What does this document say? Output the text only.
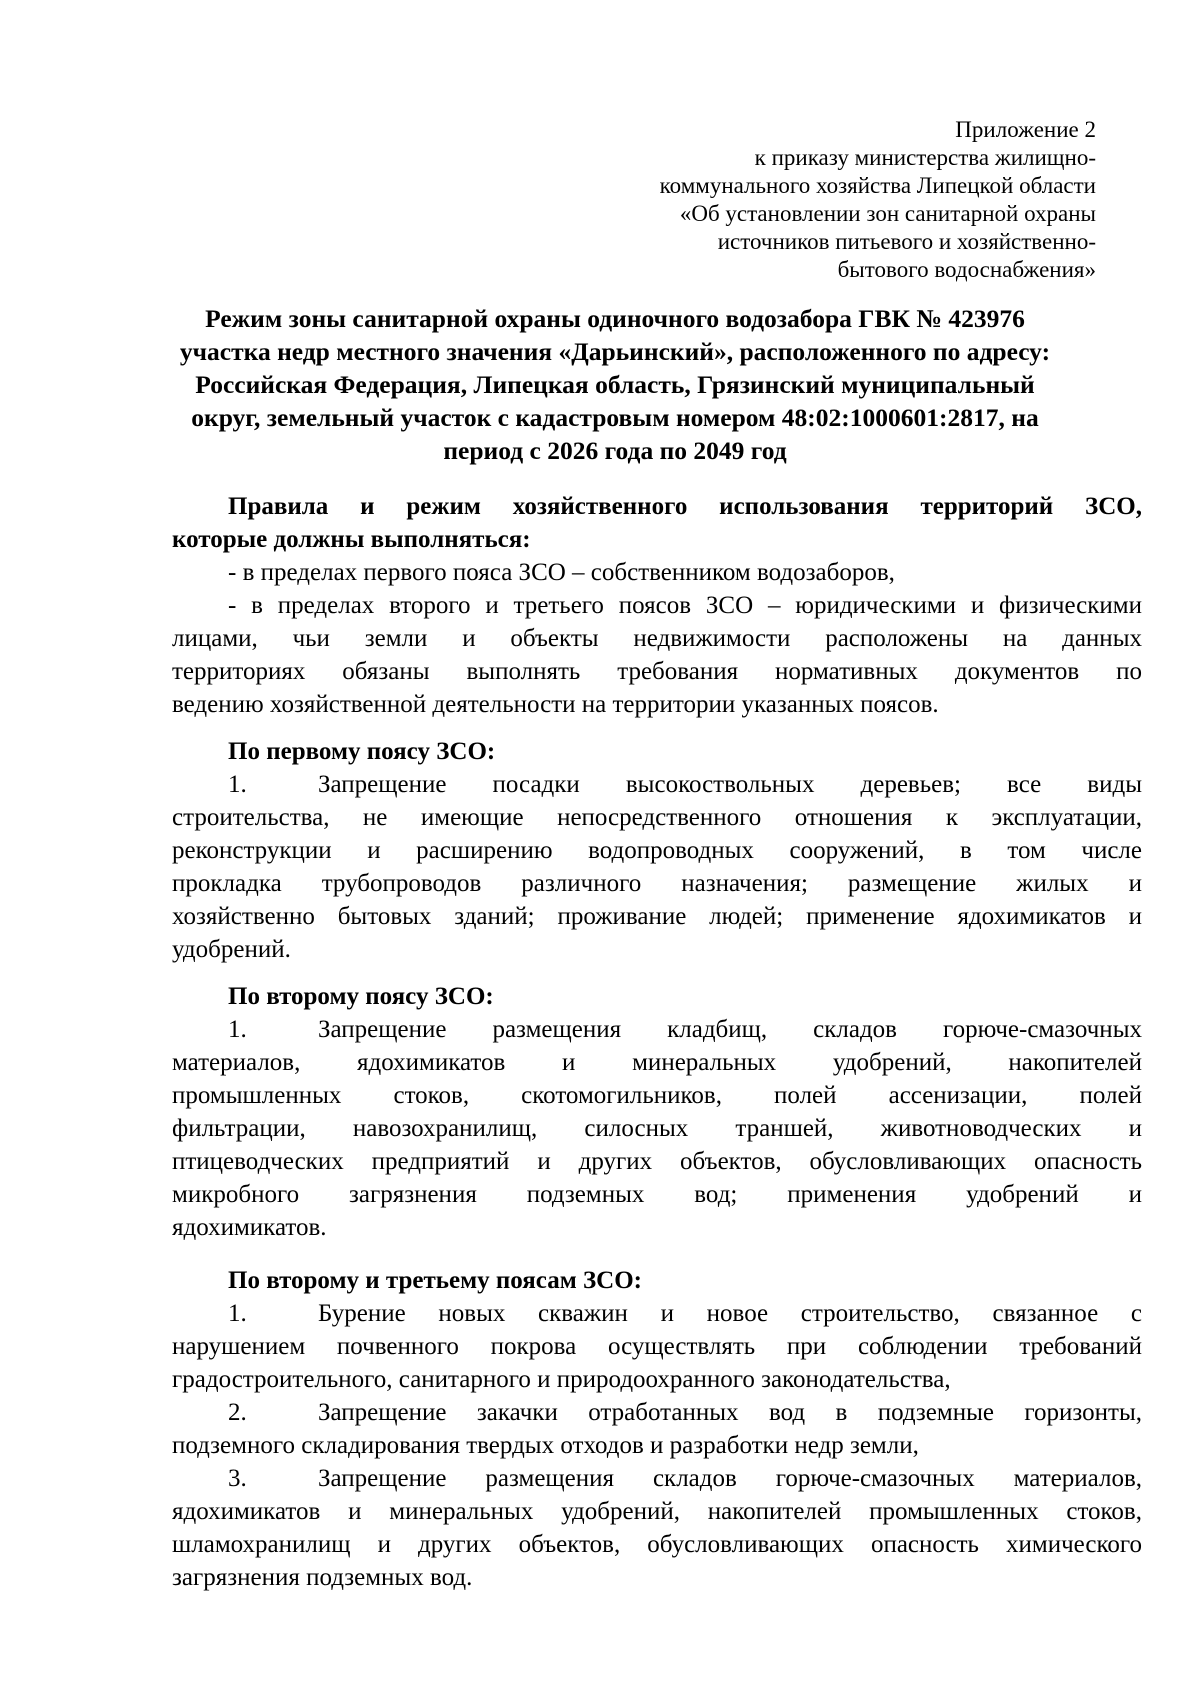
Приложение 2
к приказу министерства жилищно-
коммунального хозяйства Липецкой области
«Об установлении зон санитарной охраны
источников питьевого и хозяйственно-
бытового водоснабжения»
Режим зоны санитарной охраны одиночного водозабора ГВК № 423976
участка недр местного значения «Дарьинский», расположенного по адресу:
Российская Федерация, Липецкая область, Грязинский муниципальный
округ, земельный участок с кадастровым номером 48:02:1000601:2817, на
период с 2026 года по 2049 год
Правила и режим хозяйственного использования территорий ЗСО,
которые должны выполняться:
- в пределах первого пояса ЗСО – собственником водозаборов,
- в пределах второго и третьего поясов ЗСО – юридическими и физическими
лицами, чьи земли и объекты недвижимости расположены на данных
территориях обязаны выполнять требования нормативных документов по
ведению хозяйственной деятельности на территории указанных поясов.
По первому поясу ЗСО:
1.	Запрещение посадки высокоствольных деревьев; все виды
строительства, не имеющие непосредственного отношения к эксплуатации,
реконструкции и расширению водопроводных сооружений, в том числе
прокладка трубопроводов различного назначения; размещение жилых и
хозяйственно бытовых зданий; проживание людей; применение ядохимикатов и
удобрений.
По второму поясу ЗСО:
1.	Запрещение размещения кладбищ, складов горюче-смазочных
материалов, ядохимикатов и минеральных удобрений, накопителей
промышленных стоков, скотомогильников, полей ассенизации, полей
фильтрации, навозохранилищ, силосных траншей, животноводческих и
птицеводческих предприятий и других объектов, обусловливающих опасность
микробного загрязнения подземных вод; применения удобрений и
ядохимикатов.
По второму и третьему поясам ЗСО:
1.	Бурение новых скважин и новое строительство, связанное с
нарушением почвенного покрова осуществлять при соблюдении требований
градостроительного, санитарного и природоохранного законодательства,
2.	Запрещение закачки отработанных вод в подземные горизонты,
подземного складирования твердых отходов и разработки недр земли,
3.	Запрещение размещения складов горюче-смазочных материалов,
ядохимикатов и минеральных удобрений, накопителей промышленных стоков,
шламохранилищ и других объектов, обусловливающих опасность химического
загрязнения подземных вод.
